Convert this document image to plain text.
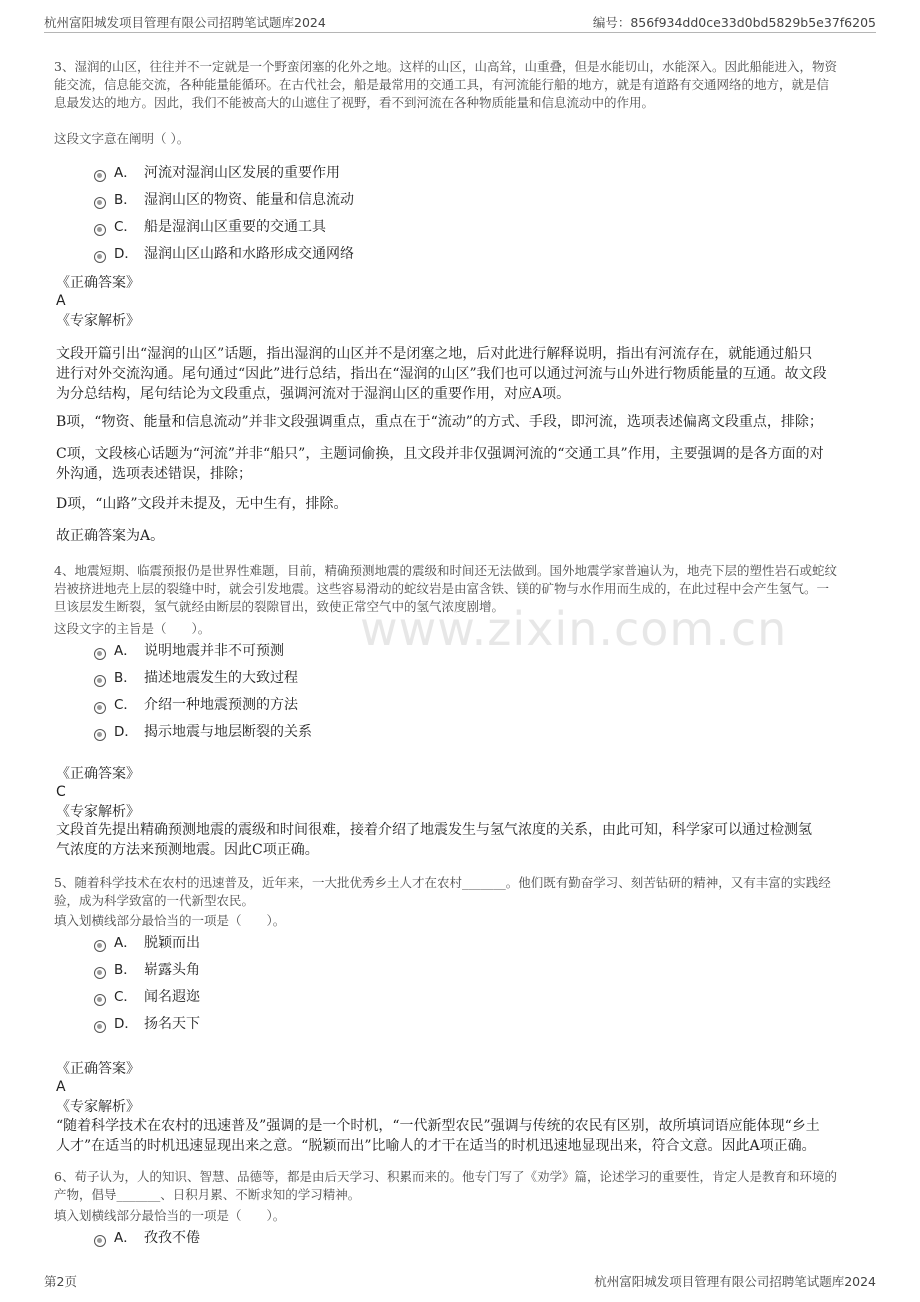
杭州富阳城发项目管理有限公司招聘笔试题库2024	编号：856f934dd0ce33d0bd5829b5e37f6205
www.zixin.com.cn
3、湿润的山区，往往并不一定就是一个野蛮闭塞的化外之地。这样的山区，山高耸，山重叠，但是水能切山，水能深入。因此船能进入，物资
能交流，信息能交流，各种能量能循环。在古代社会，船是最常用的交通工具，有河流能行船的地方，就是有道路有交通网络的地方，就是信
息最发达的地方。因此，我们不能被高大的山遮住了视野，看不到河流在各种物质能量和信息流动中的作用。
这段文字意在阐明（ ）。
A． 河流对湿润山区发展的重要作用
B． 湿润山区的物资、能量和信息流动
C． 船是湿润山区重要的交通工具
D． 湿润山区山路和水路形成交通网络
《正确答案》
A
《专家解析》
文段开篇引出“湿润的山区”话题，指出湿润的山区并不是闭塞之地，后对此进行解释说明，指出有河流存在，就能通过船只
进行对外交流沟通。尾句通过“因此”进行总结，指出在“湿润的山区”我们也可以通过河流与山外进行物质能量的互通。故文段
为分总结构，尾句结论为文段重点，强调河流对于湿润山区的重要作用，对应A项。
B项，“物资、能量和信息流动”并非文段强调重点，重点在于“流动”的方式、手段，即河流，选项表述偏离文段重点，排除；
C项，文段核心话题为“河流”并非“船只”，主题词偷换，且文段并非仅强调河流的“交通工具”作用，主要强调的是各方面的对
外沟通，选项表述错误，排除；
D项，“山路”文段并未提及，无中生有，排除。
故正确答案为A。
4、地震短期、临震预报仍是世界性难题，目前，精确预测地震的震级和时间还无法做到。国外地震学家普遍认为，地壳下层的塑性岩石或蛇纹
岩被挤进地壳上层的裂缝中时，就会引发地震。这些容易滑动的蛇纹岩是由富含铁、镁的矿物与水作用而生成的，在此过程中会产生氢气。一
旦该层发生断裂，氢气就经由断层的裂隙冒出，致使正常空气中的氢气浓度剧增。
这段文字的主旨是（　　）。
A． 说明地震并非不可预测
B． 描述地震发生的大致过程
C． 介绍一种地震预测的方法
D． 揭示地震与地层断裂的关系
《正确答案》
C
《专家解析》
文段首先提出精确预测地震的震级和时间很难，接着介绍了地震发生与氢气浓度的关系，由此可知，科学家可以通过检测氢
气浓度的方法来预测地震。因此C项正确。
5、随着科学技术在农村的迅速普及，近年来，一大批优秀乡土人才在农村_______。他们既有勤奋学习、刻苦钻研的精神，又有丰富的实践经
验，成为科学致富的一代新型农民。
填入划横线部分最恰当的一项是（　　）。
A． 脱颖而出
B． 崭露头角
C． 闻名遐迩
D． 扬名天下
《正确答案》
A
《专家解析》
“随着科学技术在农村的迅速普及”强调的是一个时机，“一代新型农民”强调与传统的农民有区别，故所填词语应能体现“乡土
人才”在适当的时机迅速显现出来之意。“脱颖而出”比喻人的才干在适当的时机迅速地显现出来，符合文意。因此A项正确。
6、荀子认为，人的知识、智慧、品德等，都是由后天学习、积累而来的。他专门写了《劝学》篇，论述学习的重要性，肯定人是教育和环境的
产物，倡导_______、日积月累、不断求知的学习精神。
填入划横线部分最恰当的一项是（　　）。
A． 孜孜不倦
第2页	杭州富阳城发项目管理有限公司招聘笔试题库2024
